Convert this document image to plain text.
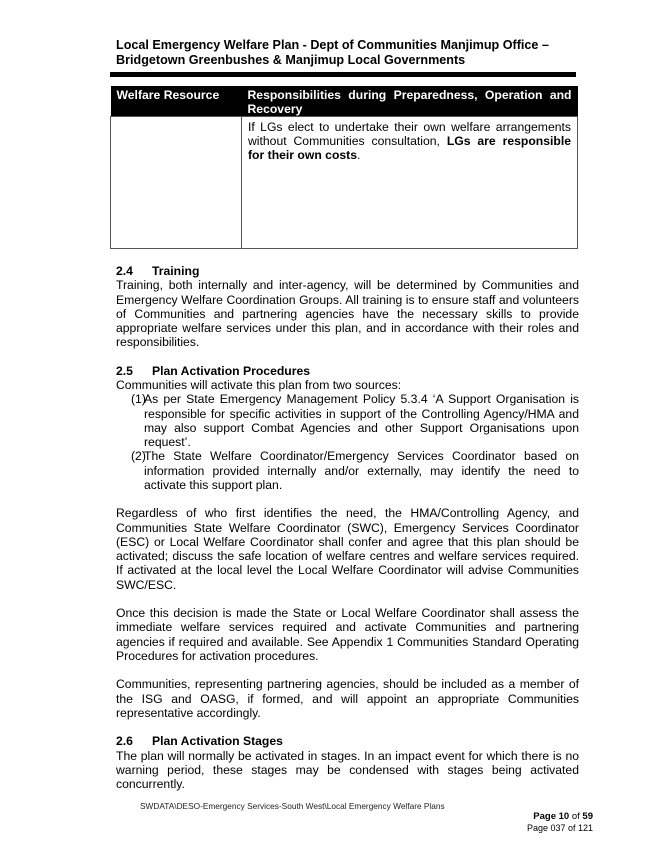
Local Emergency Welfare Plan - Dept of Communities Manjimup Office –
Bridgetown Greenbushes & Manjimup Local Governments
Welfare Resource	Responsibilities during Preparedness, Operation and Recovery
	If LGs elect to undertake their own welfare arrangements without Communities consultation, LGs are responsible for their own costs.
2.4	Training

Training, both internally and inter-agency, will be determined by Communities and Emergency Welfare Coordination Groups. All training is to ensure staff and volunteers of Communities and partnering agencies have the necessary skills to provide appropriate welfare services under this plan, and in accordance with their roles and responsibilities.

2.5	Plan Activation Procedures

Communities will activate this plan from two sources:

(1)
As per State Emergency Management Policy 5.3.4 ‘A Support Organisation is responsible for specific activities in support of the Controlling Agency/HMA and may also support Combat Agencies and other Support Organisations upon request’.
(2)
The State Welfare Coordinator/Emergency Services Coordinator based on information provided internally and/or externally, may identify the need to activate this support plan.

Regardless of who first identifies the need, the HMA/Controlling Agency, and Communities State Welfare Coordinator (SWC), Emergency Services Coordinator (ESC) or Local Welfare Coordinator shall confer and agree that this plan should be activated; discuss the safe location of welfare centres and welfare services required. If activated at the local level the Local Welfare Coordinator will advise Communities SWC/ESC.

Once this decision is made the State or Local Welfare Coordinator shall assess the immediate welfare services required and activate Communities and partnering agencies if required and available. See Appendix 1 Communities Standard Operating Procedures for activation procedures.

Communities, representing partnering agencies, should be included as a member of the ISG and OASG, if formed, and will appoint an appropriate Communities representative accordingly.

2.6	Plan Activation Stages

The plan will normally be activated in stages. In an impact event for which there is no warning period, these stages may be condensed with stages being activated concurrently.

SWDATA\DESO-Emergency Services-South West\Local Emergency Welfare Plans
Page 10 of 59
Page 037 of 121
